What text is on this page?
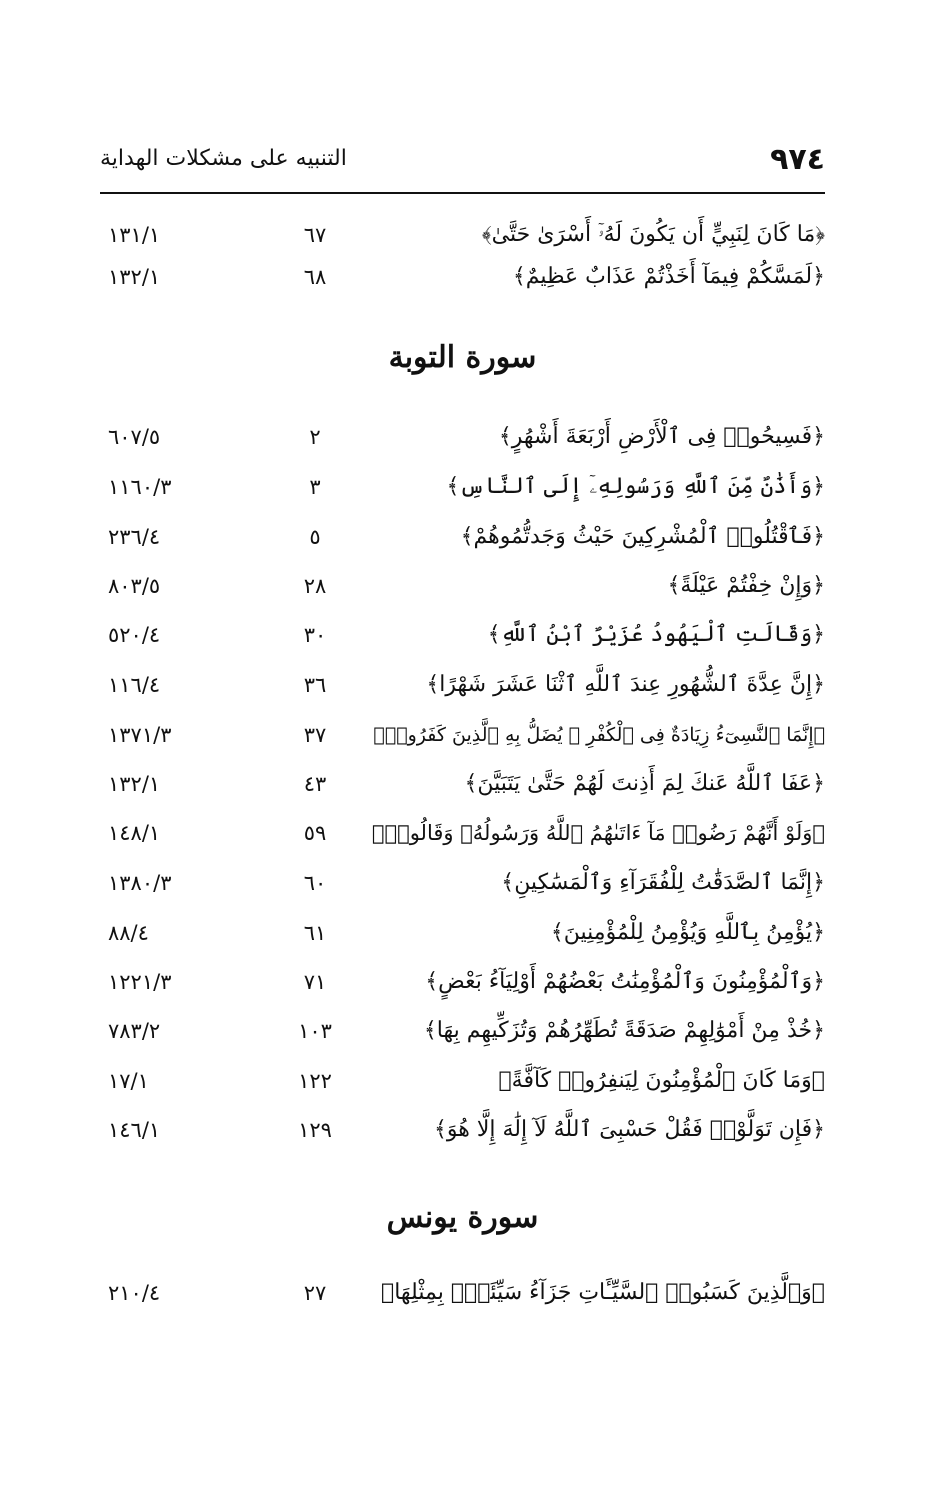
٩٧٤
التنبيه على مشكلات الهداية
﴿مَا كَانَ لِنَبِيٍّ أَن يَكُونَ لَهُۥٓ أَسْرَىٰ حَتَّىٰ﴾
٦٧
١٣١/١
﴿لَمَسَّكُمْ فِيمَآ أَخَذْتُمْ عَذَابٌ عَظِيمٌ﴾
٦٨
١٣٢/١
سورة التوبة
﴿فَسِيحُوا۟ فِى ٱلْأَرْضِ أَرْبَعَةَ أَشْهُرٍ﴾
٢
٦٠٧/٥
﴿وَأَذَٰنٌ مِّنَ ٱللَّهِ وَرَسُولِهِۦٓ إِلَى ٱلنَّاسِ﴾
٣
١١٦٠/٣
﴿فَٱقْتُلُوا۟ ٱلْمُشْرِكِينَ حَيْثُ وَجَدتُّمُوهُمْ﴾
٥
٢٣٦/٤
﴿وَإِنْ خِفْتُمْ عَيْلَةً﴾
٢٨
٨٠٣/٥
﴿وَقَالَتِ ٱلْيَهُودُ عُزَيْرٌ ٱبْنُ ٱللَّهِ﴾
٣٠
٥٢٠/٤
﴿إِنَّ عِدَّةَ ٱلشُّهُورِ عِندَ ٱللَّهِ ٱثْنَا عَشَرَ شَهْرًا﴾
٣٦
١١٦/٤
﴿إِنَّمَا ٱلنَّسِىٓءُ زِيَادَةٌ فِى ٱلْكُفْرِ ۖ يُضَلُّ بِهِ ٱلَّذِينَ كَفَرُوا۟﴾
٣٧
١٣٧١/٣
﴿عَفَا ٱللَّهُ عَنكَ لِمَ أَذِنتَ لَهُمْ حَتَّىٰ يَتَبَيَّنَ﴾
٤٣
١٣٢/١
﴿وَلَوْ أَنَّهُمْ رَضُوا۟ مَآ ءَاتَىٰهُمُ ٱللَّهُ وَرَسُولُهُۥ وَقَالُوا۟﴾
٥٩
١٤٨/١
﴿إِنَّمَا ٱلصَّدَقَٰتُ لِلْفُقَرَآءِ وَٱلْمَسَٰكِينِ﴾
٦٠
١٣٨٠/٣
﴿يُؤْمِنُ بِٱللَّهِ وَيُؤْمِنُ لِلْمُؤْمِنِينَ﴾
٦١
٨٨/٤
﴿وَٱلْمُؤْمِنُونَ وَٱلْمُؤْمِنَٰتُ بَعْضُهُمْ أَوْلِيَآءُ بَعْضٍ﴾
٧١
١٢٢١/٣
﴿خُذْ مِنْ أَمْوَٰلِهِمْ صَدَقَةً تُطَهِّرُهُمْ وَتُزَكِّيهِم بِهَا﴾
١٠٣
٧٨٣/٢
﴿وَمَا كَانَ ٱلْمُؤْمِنُونَ لِيَنفِرُوا۟ كَآفَّةً﴾
١٢٢
١٧/١
﴿فَإِن تَوَلَّوْا۟ فَقُلْ حَسْبِىَ ٱللَّهُ لَآ إِلَٰهَ إِلَّا هُوَ﴾
١٢٩
١٤٦/١
سورة يونس
﴿وَٱلَّذِينَ كَسَبُوا۟ ٱلسَّيِّـَٔاتِ جَزَآءُ سَيِّئَةٍۭ بِمِثْلِهَا﴾
٢٧
٢١٠/٤
